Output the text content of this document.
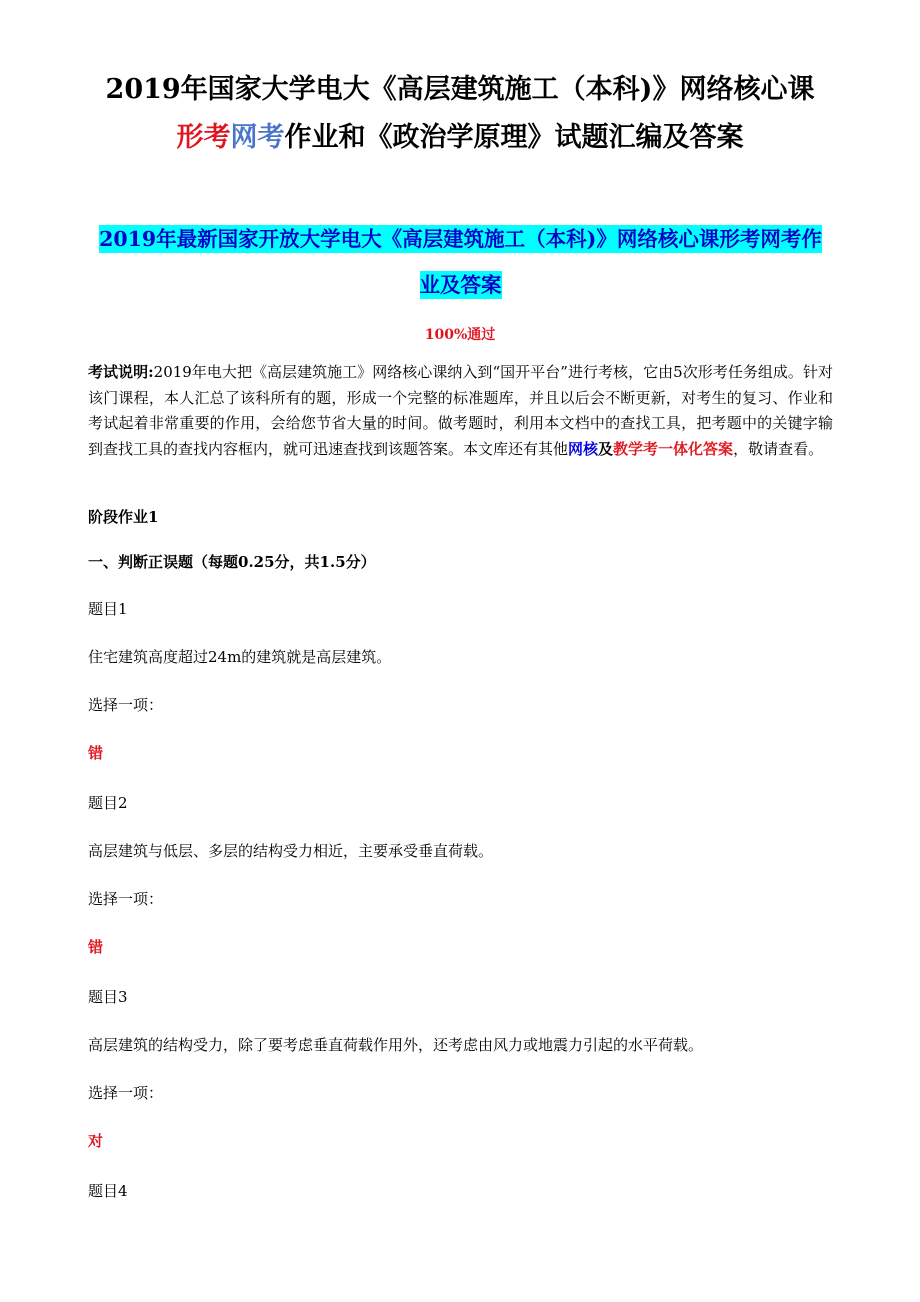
2019年国家大学电大《高层建筑施工（本科)》网络核心课
形考网考作业和《政治学原理》试题汇编及答案
2019年最新国家开放大学电大《高层建筑施工（本科)》网络核心课形考网考作
业及答案
100%通过
考试说明:2019年电大把《高层建筑施工》网络核心课纳入到“国开平台”进行考核，它由5次形考任务组成。针对该门课程，本人汇总了该科所有的题，形成一个完整的标准题库，并且以后会不断更新，对考生的复习、作业和考试起着非常重要的作用，会给您节省大量的时间。做考题时，利用本文档中的查找工具，把考题中的关键字输到查找工具的查找内容框内，就可迅速查找到该题答案。本文库还有其他网核及教学考一体化答案，敬请查看。
阶段作业1
一、判断正误题（每题0.25分，共1.5分）
题目1
住宅建筑高度超过24m的建筑就是高层建筑。
选择一项：
错
题目2
高层建筑与低层、多层的结构受力相近，主要承受垂直荷载。
选择一项：
错
题目3
高层建筑的结构受力，除了要考虑垂直荷载作用外，还考虑由风力或地震力引起的水平荷载。
选择一项：
对
题目4
